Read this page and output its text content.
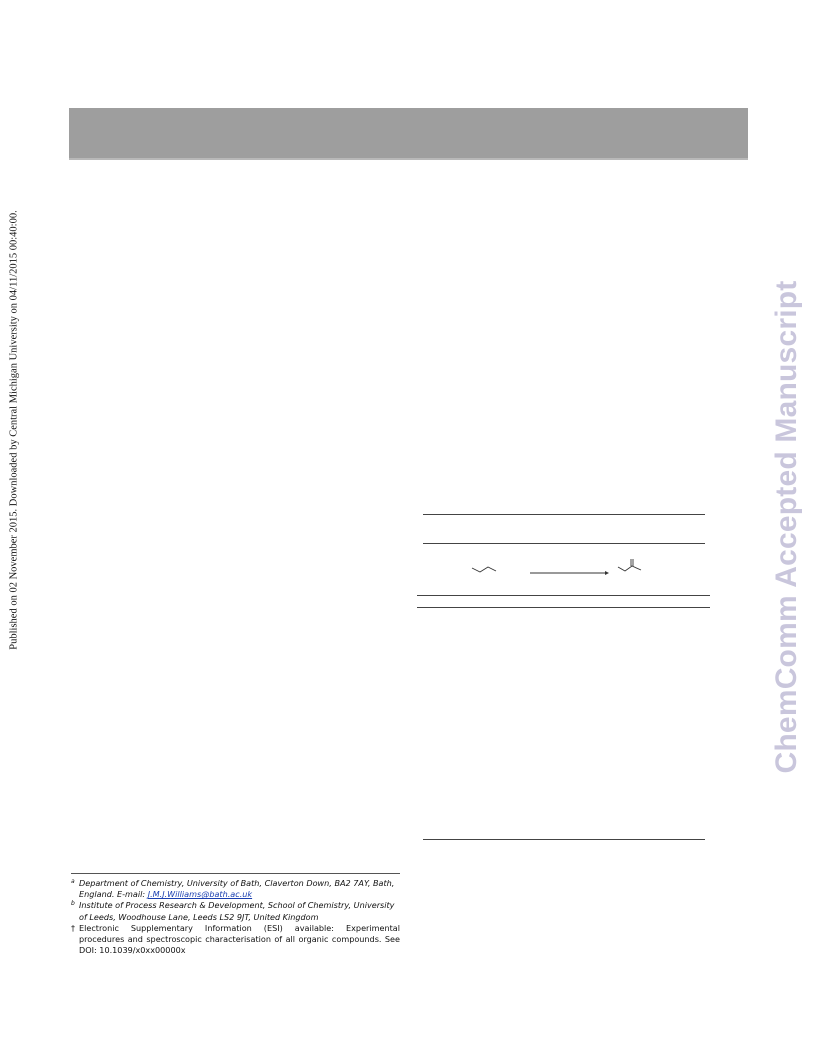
Published on 02 November 2015. Downloaded by Central Michigan University on 04/11/2015 00:40:00.	ChemComm Accepted Manuscript
a Department of Chemistry, University of Bath, Claverton Down, BA2 7AY, Bath, England. E-mail: J.M.J.Williams@bath.ac.uk
b Institute of Process Research & Development, School of Chemistry, University of Leeds, Woodhouse Lane, Leeds LS2 9JT, United Kingdom
† Electronic Supplementary Information (ESI) available: Experimental procedures and spectroscopic characterisation of all organic compounds. See DOI: 10.1039/x0xx00000x
